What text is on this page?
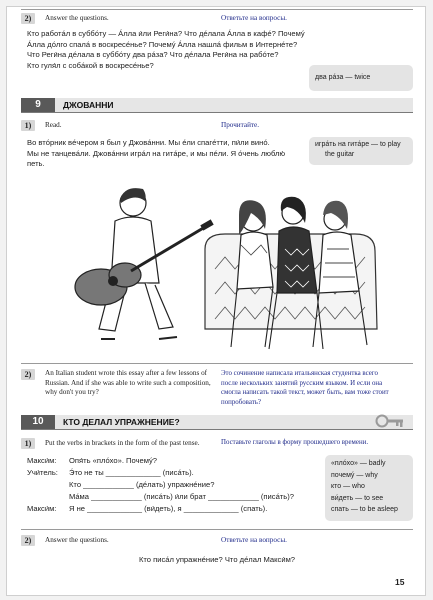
2)	Answer the questions.	Ответьте на вопросы.
Кто работáл в суббóту — Áлла и́ли Реги́на? Что дéлала Áлла в кафé? Почемý
Áлла дóлго спалá в воскресéнье? Почемý Áлла нашлá фильм в Интернéте?
Что Реги́на дéлала в суббóту два рáза? Что дéлала Реги́на на рабóте?
Кто гуля́л с собáкой в воскресéнье?
два рáза — twice
9	ДЖОВАННИ
1)	Read.	Прочитайте.
Во втóрник вéчером я был у Джовáнни. Мы éли спагéтти, пи́ли винó.
Мы не танцевáли. Джовáнни игрáл на гитáре, и мы пéли. Я óчень люблю́
петь.
игрáть на гитáре — to play
the guitar
2)	An Italian student wrote this essay after a few lessons of
Russian. And if she was able to write such a composition,
why don't you try?
Это сочинение написала итальянская студентка всего
после нескольких занятий русским языком. И если она
смогла написать такой текст, может быть, вам тоже стоит
попробовать?
10	КТО ДЕЛАЛ УПРАЖНЕНИЕ?
1)	Put the verbs in brackets in the form of the past tense.	Поставьте глаголы в форму прошедшего времени.
Макси́м:	Опя́ть «плóхо». Почемý?
Учи́тель:	Э́то не ты _____________ (писáть).
Кто ____________ (дéлать) упражнéние?
Мáма ____________ (писáть) и́ли брат ____________ (писáть)?
Макси́м:	Я не _____________ (ви́деть), я _____________ (спать).
«плóхо» — badly
почемý — why
кто — who
ви́деть — to see
спать — to be asleep
2)	Answer the questions.	Ответьте на вопросы.
Кто писáл упражнéние? Что дéлал Макси́м?
15
